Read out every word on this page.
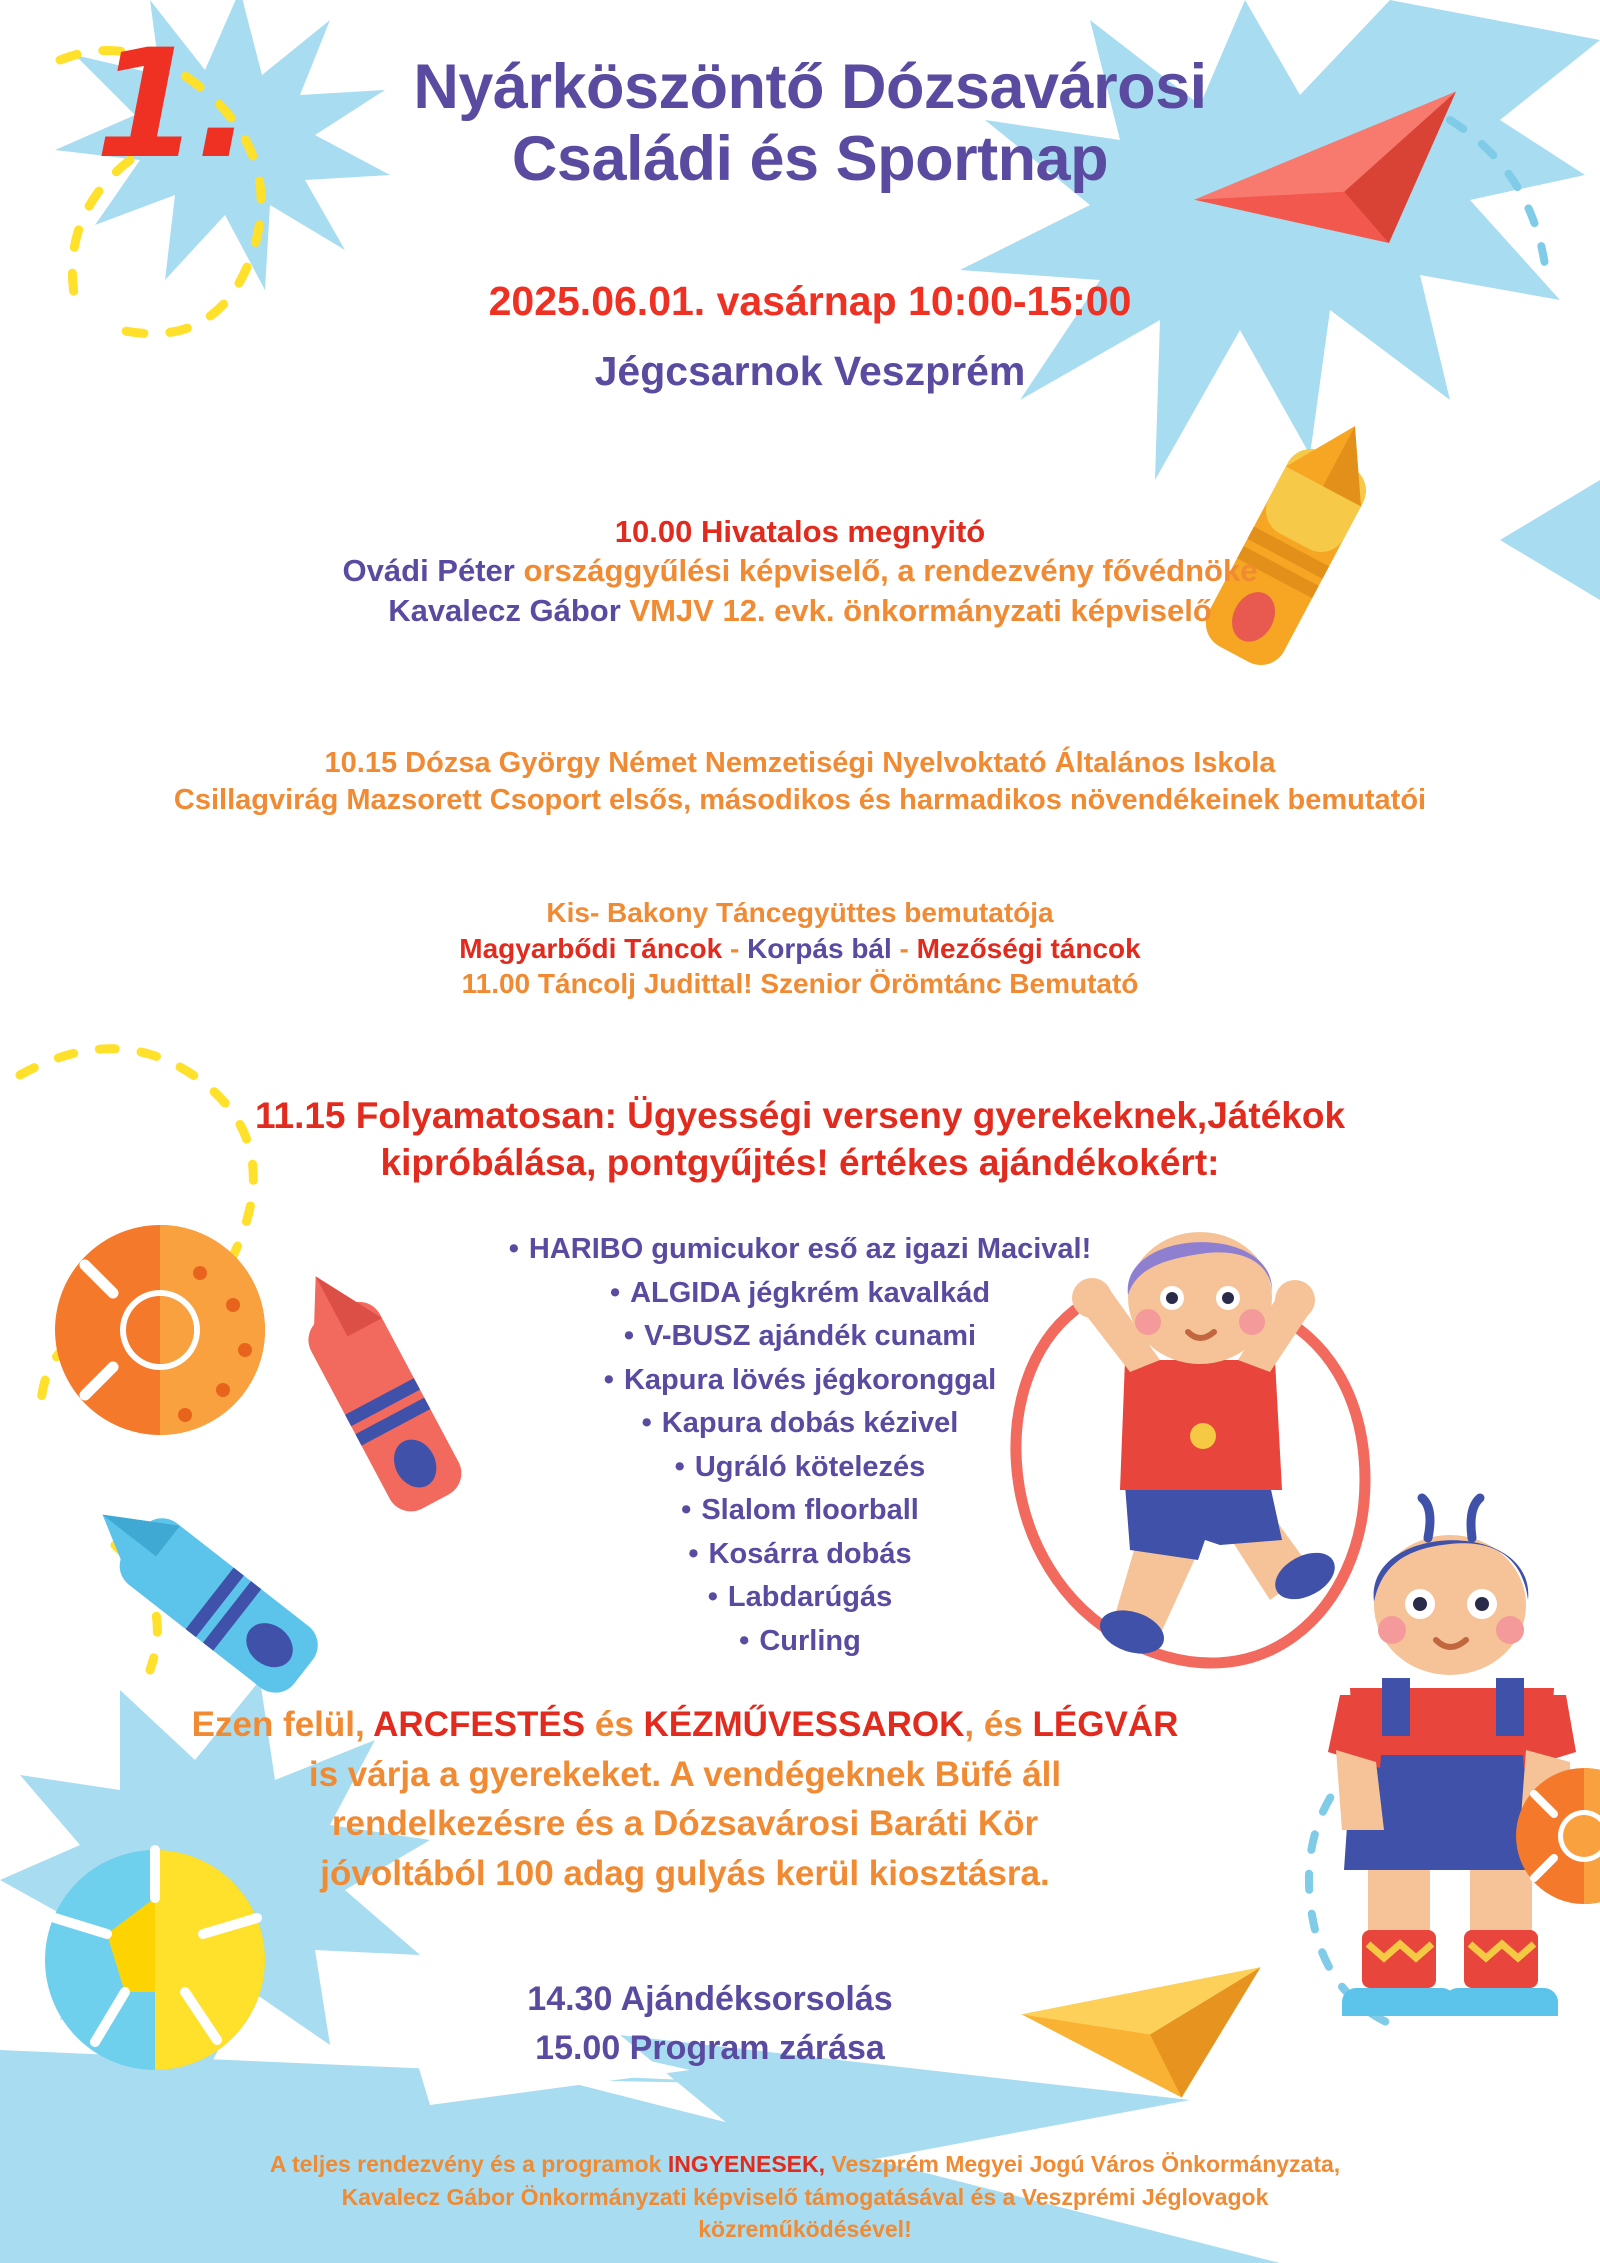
1.	Nyárköszöntő Dózsavárosi
Családi és Sportnap
2025.06.01. vasárnap 10:00-15:00
Jégcsarnok Veszprém
10.00 Hivatalos megnyitó
Ovádi Péter országgyűlési képviselő, a rendezvény fővédnöke
Kavalecz Gábor VMJV 12. evk. önkormányzati képviselő
10.15 Dózsa György Német Nemzetiségi Nyelvoktató Általános Iskola
Csillagvirág Mazsorett Csoport elsős, másodikos és harmadikos növendékeinek bemutatói
Kis- Bakony Táncegyüttes bemutatója
Magyarbődi Táncok - Korpás bál - Mezőségi táncok
11.00 Táncolj Judittal! Szenior Örömtánc Bemutató
11.15 Folyamatosan: Ügyességi verseny gyerekeknek,Játékok
kipróbálása, pontgyűjtés! értékes ajándékokért:
• HARIBO gumicukor eső az igazi Macival!
• ALGIDA jégkrém kavalkád
• V-BUSZ ajándék cunami
• Kapura lövés jégkoronggal
• Kapura dobás kézivel
• Ugráló kötelezés
• Slalom floorball
• Kosárra dobás
• Labdarúgás
• Curling
Ezen felül, ARCFESTÉS és KÉZMŰVESSAROK, és LÉGVÁR
is várja a gyerekeket. A vendégeknek Büfé áll
rendelkezésre és a Dózsavárosi Baráti Kör
jóvoltából 100 adag gulyás kerül kiosztásra.
14.30 Ajándéksorsolás
15.00 Program zárása
A teljes rendezvény és a programok INGYENESEK, Veszprém Megyei Jogú Város Önkormányzata,
Kavalecz Gábor Önkormányzati képviselő támogatásával és a Veszprémi Jéglovagok
közreműködésével!
